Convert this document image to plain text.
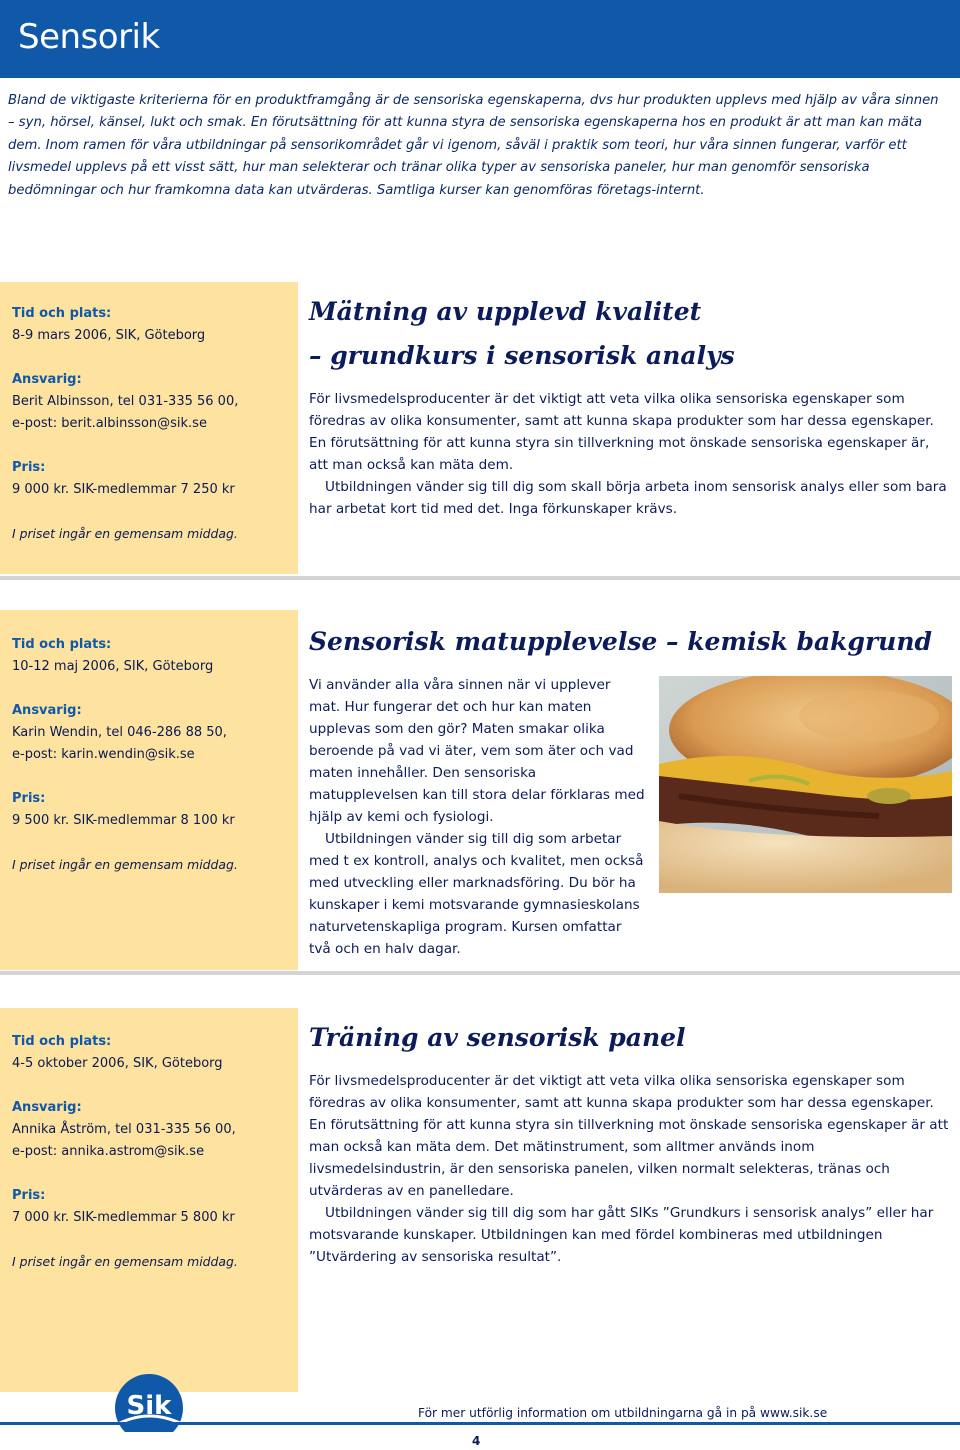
Sensorik
Bland de viktigaste kriterierna för en produktframgång är de sensoriska egenskaperna, dvs hur produkten upplevs med hjälp av våra sinnen – syn, hörsel, känsel, lukt och smak. En förutsättning för att kunna styra de sensoriska egenskaperna hos en produkt är att man kan mäta dem. Inom ramen för våra utbildningar på sensorikområdet går vi igenom, såväl i praktik som teori, hur våra sinnen fungerar, varför ett livsmedel upplevs på ett visst sätt, hur man selekterar och tränar olika typer av sensoriska paneler, hur man genomför sensoriska bedömningar och hur framkomna data kan utvärderas. Samtliga kurser kan genomföras företags-internt.
Tid och plats:
8-9 mars 2006, SIK, Göteborg
Ansvarig:
Berit Albinsson, tel 031-335 56 00,
e-post: berit.albinsson@sik.se
Pris:
9 000 kr. SIK-medlemmar 7 250 kr
I priset ingår en gemensam middag.
Mätning av upplevd kvalitet
– grundkurs i sensorisk analys

För livsmedelsproducenter är det viktigt att veta vilka olika sensoriska egenskaper som föredras av olika konsumenter, samt att kunna skapa produkter som har dessa egenskaper. En förutsättning för att kunna styra sin tillverkning mot önskade sensoriska egenskaper är, att man också kan mäta dem.

Utbildningen vänder sig till dig som skall börja arbeta inom sensorisk analys eller som bara har arbetat kort tid med det. Inga förkunskaper krävs.

Tid och plats:
10-12 maj 2006, SIK, Göteborg
Ansvarig:
Karin Wendin, tel 046-286 88 50,
e-post: karin.wendin@sik.se
Pris:
9 500 kr. SIK-medlemmar 8 100 kr
I priset ingår en gemensam middag.
Sensorisk matupplevelse – kemisk bakgrund

Vi använder alla våra sinnen när vi upplever mat. Hur fungerar det och hur kan maten upplevas som den gör? Maten smakar olika beroende på vad vi äter, vem som äter och vad maten innehåller. Den sensoriska matupplevelsen kan till stora delar förklaras med hjälp av kemi och fysiologi.

Utbildningen vänder sig till dig som arbetar med t ex kontroll, analys och kvalitet, men också med utveckling eller marknadsföring. Du bör ha kunskaper i kemi motsvarande gymnasieskolans naturvetenskapliga program. Kursen omfattar två och en halv dagar.

Tid och plats:
4-5 oktober 2006, SIK, Göteborg
Ansvarig:
Annika Åström, tel 031-335 56 00,
e-post: annika.astrom@sik.se
Pris:
7 000 kr. SIK-medlemmar 5 800 kr
I priset ingår en gemensam middag.
Träning av sensorisk panel

För livsmedelsproducenter är det viktigt att veta vilka olika sensoriska egenskaper som föredras av olika konsumenter, samt att kunna skapa produkter som har dessa egenskaper. En förutsättning för att kunna styra sin tillverkning mot önskade sensoriska egenskaper är att man också kan mäta dem. Det mätinstrument, som alltmer används inom livsmedelsindustrin, är den sensoriska panelen, vilken normalt selekteras, tränas och utvärderas av en panelledare.

Utbildningen vänder sig till dig som har gått SIKs ”Grundkurs i sensorisk analys” eller har motsvarande kunskaper. Utbildningen kan med fördel kombineras med utbildningen ”Utvärdering av sensoriska resultat”.

Sik	För mer utförlig information om utbildningarna gå in på www.sik.se
4
